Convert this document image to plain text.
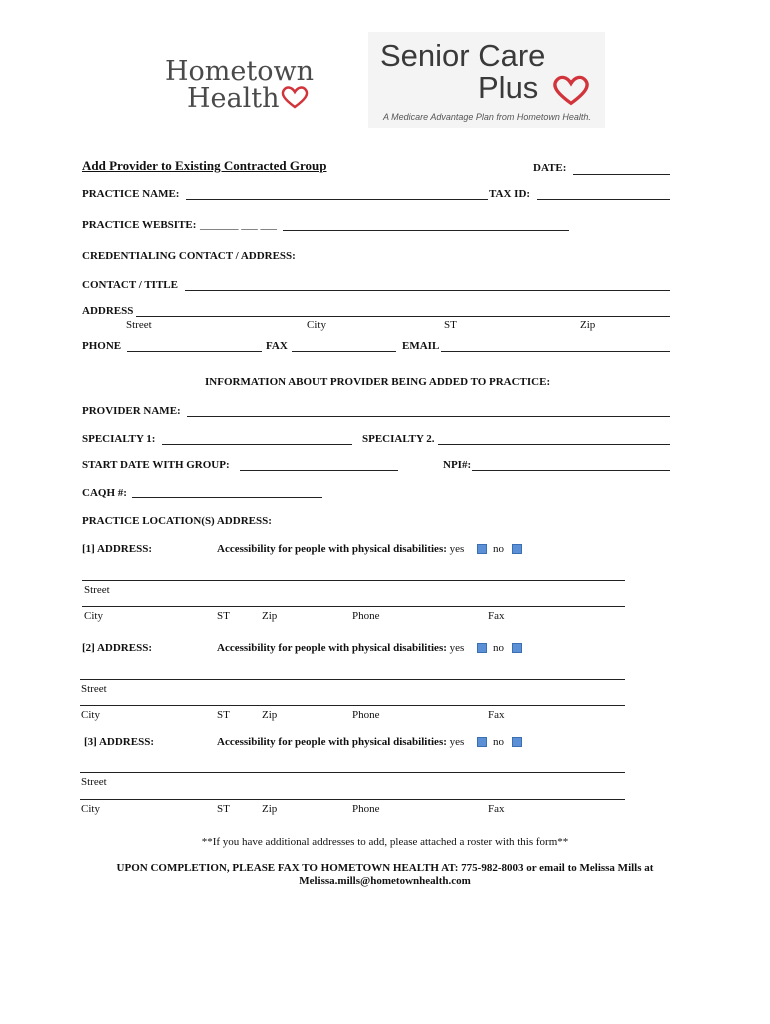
Hometown
Health
Senior Care
Plus
A Medicare Advantage Plan from Hometown Health.
Add Provider to Existing Contracted Group	DATE:
PRACTICE NAME:	TAX ID:
PRACTICE WEBSITE: _______ ___ ___
CREDENTIALING CONTACT / ADDRESS:
CONTACT / TITLE
ADDRESS
Street	City	ST	Zip
PHONE	FAX	EMAIL
INFORMATION ABOUT PROVIDER BEING ADDED TO PRACTICE:
PROVIDER NAME:
SPECIALTY 1:	SPECIALTY 2.
START DATE WITH GROUP:	NPI#:
CAQH #: _______________________________
PRACTICE LOCATION(S) ADDRESS:
[1] ADDRESS:	Accessibility for people with physical disabilities: yes	no
Street
City	ST	Zip	Phone	Fax
[2] ADDRESS:	Accessibility for people with physical disabilities: yes	no
Street
City	ST	Zip	Phone	Fax
[3] ADDRESS:	Accessibility for people with physical disabilities: yes	no
Street
City	ST	Zip	Phone	Fax
**If you have additional addresses to add, please attached a roster with this form**
UPON COMPLETION, PLEASE FAX TO HOMETOWN HEALTH AT: 775-982-8003 or email to Melissa Mills at
Melissa.mills@hometownhealth.com
